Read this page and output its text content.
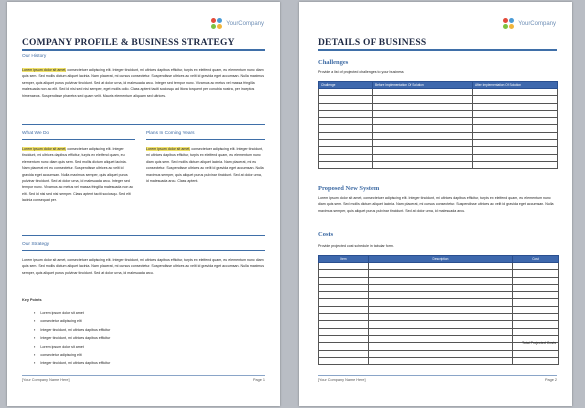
YourCompany
COMPANY PROFILE & BUSINESS STRATEGY
Our History
Lorem ipsum dolor sit amet, consectetuer adipiscing elit. Integer tincidunt, mi ultrices dapibus efficitur, turpis ex eleifend quam, eu elementum nunc diam quis sem. Sed mollis dictum aliquet lacinia. Nam placerat, mi cursus consectetur. Suspendisse ultrices ac velit id gravida eget accumsan. Nulla maximus semper, quis aliquet purus pulvinar tincidunt. Sed at dolor urna, id malesuada arcu. Integer sed tempor nunc. Vivamus ac metus vel massa fringilla malesuada non ac elit. Sed id nisi sed nisi semper, eget mollis odio. Class aptent taciti sociosqu ad litora torquent per conubia nostra, per inceptos himenaeos. Suspendisse pharetra sed quam velit. Mauris elementum aliquam sed ultrices.
What We Do	Plans In Coming Years
Lorem ipsum dolor sit amet, consectetuer adipiscing elit. Integer tincidunt, mi ultrices dapibus efficitur, turpis ex eleifend quam, eu elementum nunc diam quis sem. Sed mollis dictum aliquet lacinia. Nam placerat mi eu consectetur. Suspendisse ultrices ac velit id gravida eget accumsan. Nulla maximus semper, quis aliquet purus pulvinar tincidunt. Sed at dolor urna, id malesuada arcu. Integer sed tempor nunc. Vivamus ac metus vel massa fringilla malesuada non ac elit. Sed id nisi sed nisi semper. Class aptent taciti sociosqu. Sed elit lacinia consequat per.
Lorem ipsum dolor sit amet, consectetuer adipiscing elit. Integer tincidunt, mi ultrices dapibus efficitur, turpis ex eleifend quam, eu elementum nunc diam quis sem. Sed mollis dictum aliquet lacinia. Nam placerat, mi eu consectetur. Suspendisse ultrices ac velit id gravida eget accumsan. Nulla maximus semper, quis aliquet purus pulvinar tincidunt. Sed at dolor urna, id malesuada arcu. Class aptent.
Our Strategy
Lorem ipsum dolor sit amet, consectetuer adipiscing elit. Integer tincidunt, mi ultrices dapibus efficitur, turpis ex eleifend quam, eu elementum nunc diam quis sem. Sed mollis dictum aliquet lacinia. Nam placerat, mi cursus consectetur. Suspendisse ultrices ac velit id gravida eget accumsan. Nulla maximus semper, quis aliquet purus pulvinar tincidunt. Sed at dolor urna, id malesuada arcu.
Key Points
▪ Lorem ipsum dolor sit amet
▪ consectetur adipiscing elit
▪ Integer tincidunt, mi ultrices dapibus efficitur
▪ Integer tincidunt, mi ultrices dapibus efficitur
▪ Lorem ipsum dolor sit amet
▪ consectetur adipiscing elit
▪ Integer tincidunt, mi ultrices dapibus efficitur
[Your Company Name Here]	Page 1
YourCompany
DETAILS OF BUSINESS
Challenges
Provide a list of projected challenges to your business
Challenge	Before Implementation Of Solution	After Implementation Of Solution

Proposed New System
Lorem ipsum dolor sit amet, consectetuer adipiscing elit. Integer tincidunt, mi ultrices dapibus efficitur, turpis ex eleifend quam, eu elementum nunc diam quis sem. Sed mollis dictum aliquet lacinia. Nam placerat, mi cursus consectetur. Suspendisse ultrices ac velit id gravida eget accumsan. Nulla maximus semper, quis aliquet purus pulvinar tincidunt. Sed at dolor urna, id malesuada arcu.
Costs
Provide projected cost schedule in tabular form.
Item	Description	Cost

Total Projected Costs
[Your Company Name Here]	Page 2
